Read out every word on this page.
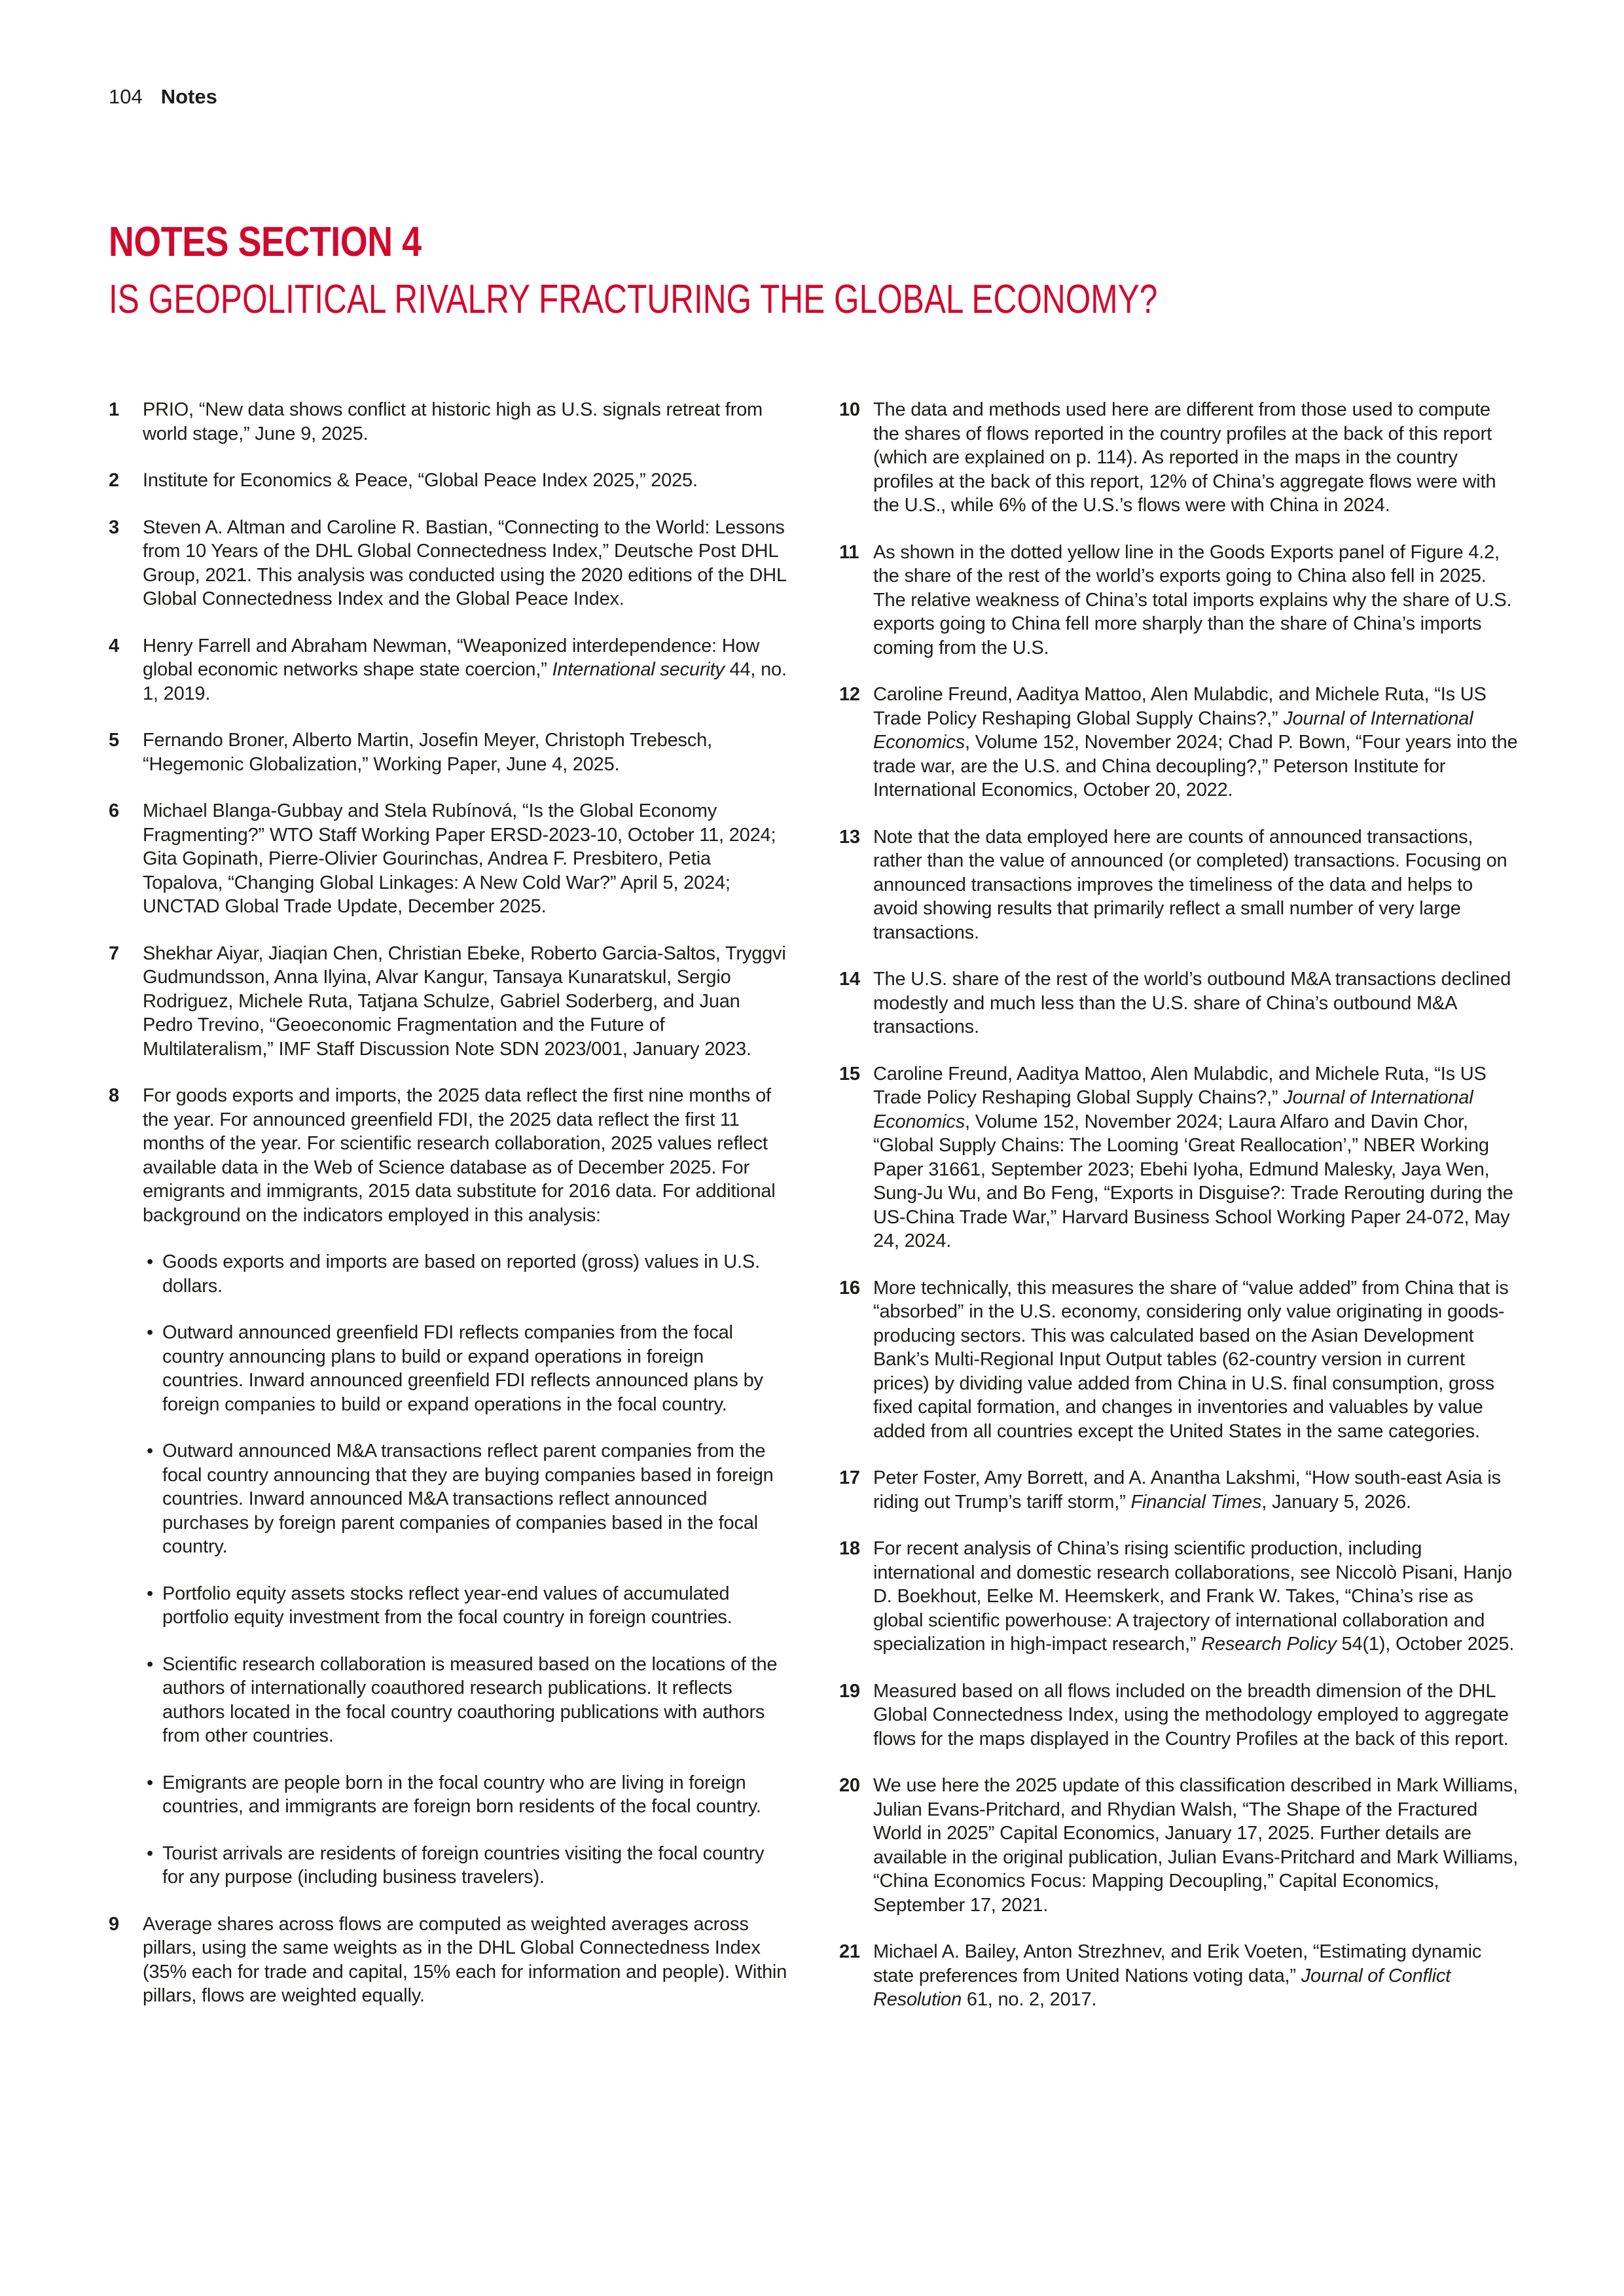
104 Notes
NOTES SECTION 4
IS GEOPOLITICAL RIVALRY FRACTURING THE GLOBAL ECONOMY?
1	PRIO, “New data shows conflict at historic high as U.S. signals retreat from world stage,” June 9, 2025.

2	Institute for Economics & Peace, “Global Peace Index 2025,” 2025.

3	Steven A. Altman and Caroline R. Bastian, “Connecting to the World: Lessons from 10 Years of the DHL Global Connectedness Index,” Deutsche Post DHL Group, 2021. This analysis was conducted using the 2020 editions of the DHL Global Connectedness Index and the Global Peace Index.

4	Henry Farrell and Abraham Newman, “Weaponized interdependence: How global economic networks shape state coercion,” International security 44, no. 1, 2019.

5	Fernando Broner, Alberto Martin, Josefin Meyer, Christoph Trebesch, “Hegemonic Globalization,” Working Paper, June 4, 2025.

6	Michael Blanga-Gubbay and Stela Rubínová, “Is the Global Economy Fragmenting?” WTO Staff Working Paper ERSD-2023-10, October 11, 2024; Gita Gopinath, Pierre-Olivier Gourinchas, Andrea F. Presbitero, Petia Topalova, “Changing Global Linkages: A New Cold War?” April 5, 2024; UNCTAD Global Trade Update, December 2025.

7	Shekhar Aiyar, Jiaqian Chen, Christian Ebeke, Roberto Garcia-Saltos, Tryggvi Gudmundsson, Anna Ilyina, Alvar Kangur, Tansaya Kunaratskul, Sergio Rodriguez, Michele Ruta, Tatjana Schulze, Gabriel Soderberg, and Juan Pedro Trevino, “Geoeconomic Fragmentation and the Future of Multilateralism,” IMF Staff Discussion Note SDN 2023/001, January 2023.

8	For goods exports and imports, the 2025 data reflect the first nine months of the year. For announced greenfield FDI, the 2025 data reflect the first 11 months of the year. For scientific research collaboration, 2025 values reflect available data in the Web of Science database as of December 2025. For emigrants and immigrants, 2015 data substitute for 2016 data. For additional background on the indicators employed in this analysis:

• Goods exports and imports are based on reported (gross) values in U.S. dollars.

• Outward announced greenfield FDI reflects companies from the focal country announcing plans to build or expand operations in foreign countries. Inward announced greenfield FDI reflects announced plans by foreign companies to build or expand operations in the focal country.

• Outward announced M&A transactions reflect parent companies from the focal country announcing that they are buying companies based in foreign countries. Inward announced M&A transactions reflect announced purchases by foreign parent companies of companies based in the focal country.

• Portfolio equity assets stocks reflect year-end values of accumulated portfolio equity investment from the focal country in foreign countries.

• Scientific research collaboration is measured based on the locations of the authors of internationally coauthored research publications. It reflects authors located in the focal country coauthoring publications with authors from other countries.

• Emigrants are people born in the focal country who are living in foreign countries, and immigrants are foreign born residents of the focal country.

• Tourist arrivals are residents of foreign countries visiting the focal country for any purpose (including business travelers).

9	Average shares across flows are computed as weighted averages across pillars, using the same weights as in the DHL Global Connectedness Index (35% each for trade and capital, 15% each for information and people). Within pillars, flows are weighted equally.

10 The data and methods used here are different from those used to compute the shares of flows reported in the country profiles at the back of this report (which are explained on p. 114). As reported in the maps in the country profiles at the back of this report, 12% of China’s aggregate flows were with the U.S., while 6% of the U.S.’s flows were with China in 2024.

11 As shown in the dotted yellow line in the Goods Exports panel of Figure 4.2, the share of the rest of the world’s exports going to China also fell in 2025. The relative weakness of China’s total imports explains why the share of U.S. exports going to China fell more sharply than the share of China’s imports coming from the U.S.

12 Caroline Freund, Aaditya Mattoo, Alen Mulabdic, and Michele Ruta, “Is US Trade Policy Reshaping Global Supply Chains?,” Journal of International Economics, Volume 152, November 2024; Chad P. Bown, “Four years into the trade war, are the U.S. and China decoupling?,” Peterson Institute for International Economics, October 20, 2022.

13 Note that the data employed here are counts of announced transactions, rather than the value of announced (or completed) transactions. Focusing on announced transactions improves the timeliness of the data and helps to avoid showing results that primarily reflect a small number of very large transactions.

14 The U.S. share of the rest of the world’s outbound M&A transactions declined modestly and much less than the U.S. share of China’s outbound M&A transactions.

15 Caroline Freund, Aaditya Mattoo, Alen Mulabdic, and Michele Ruta, “Is US Trade Policy Reshaping Global Supply Chains?,” Journal of International Economics, Volume 152, November 2024; Laura Alfaro and Davin Chor, “Global Supply Chains: The Looming ‘Great Reallocation’,” NBER Working Paper 31661, September 2023; Ebehi Iyoha, Edmund Malesky, Jaya Wen, Sung-Ju Wu, and Bo Feng, “Exports in Disguise?: Trade Rerouting during the US-China Trade War,” Harvard Business School Working Paper 24-072, May 24, 2024.

16 More technically, this measures the share of “value added” from China that is “absorbed” in the U.S. economy, considering only value originating in goods-producing sectors. This was calculated based on the Asian Development Bank’s Multi-Regional Input Output tables (62-country version in current prices) by dividing value added from China in U.S. final consumption, gross fixed capital formation, and changes in inventories and valuables by value added from all countries except the United States in the same categories.

17 Peter Foster, Amy Borrett, and A. Anantha Lakshmi, “How south-east Asia is riding out Trump’s tariff storm,” Financial Times, January 5, 2026.

18 For recent analysis of China’s rising scientific production, including international and domestic research collaborations, see Niccolò Pisani, Hanjo D. Boekhout, Eelke M. Heemskerk, and Frank W. Takes, “China’s rise as global scientific powerhouse: A trajectory of international collaboration and specialization in high-impact research,” Research Policy 54(1), October 2025.

19 Measured based on all flows included on the breadth dimension of the DHL Global Connectedness Index, using the methodology employed to aggregate flows for the maps displayed in the Country Profiles at the back of this report.

20 We use here the 2025 update of this classification described in Mark Williams, Julian Evans-Pritchard, and Rhydian Walsh, “The Shape of the Fractured World in 2025” Capital Economics, January 17, 2025. Further details are available in the original publication, Julian Evans-Pritchard and Mark Williams, “China Economics Focus: Mapping Decoupling,” Capital Economics, September 17, 2021.

21 Michael A. Bailey, Anton Strezhnev, and Erik Voeten, “Estimating dynamic state preferences from United Nations voting data,” Journal of Conflict Resolution 61, no. 2, 2017.
